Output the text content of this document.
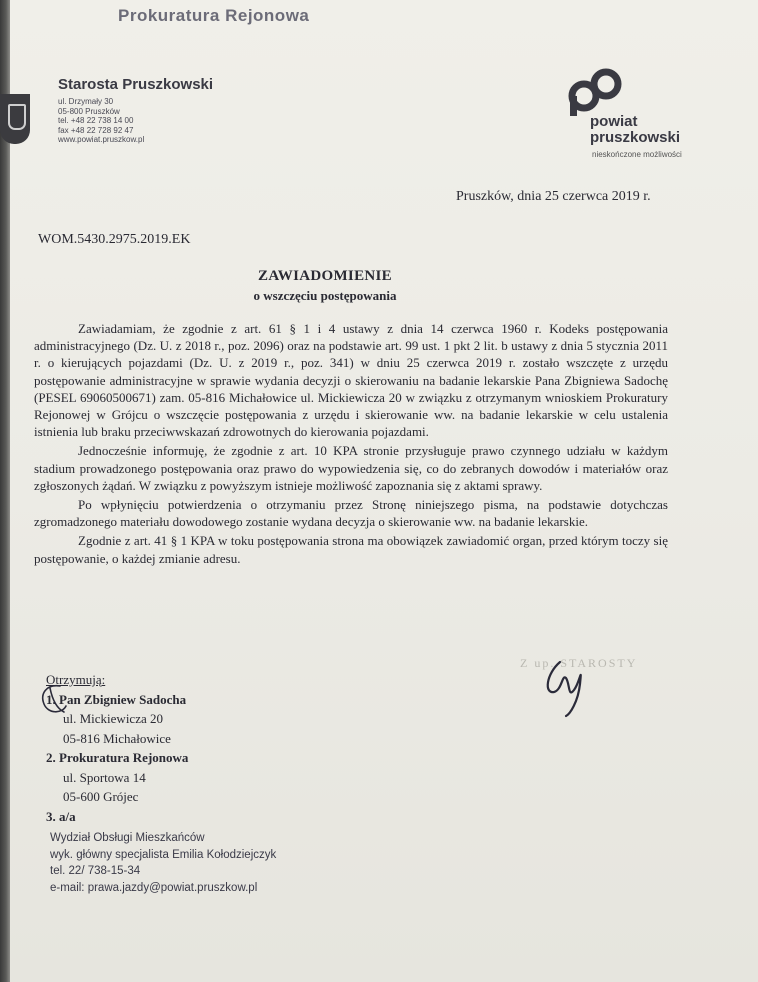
Prokuratura Rejonowa
Starosta Pruszkowski
ul. Drzymały 30
05-800 Pruszków
tel. +48 22 738 14 00
fax +48 22 728 92 47
www.powiat.pruszkow.pl
powiat
pruszkowski
nieskończone możliwości
Pruszków, dnia 25 czerwca 2019 r.
WOM.5430.2975.2019.EK
ZAWIADOMIENIE
o wszczęciu postępowania

Zawiadamiam, że zgodnie z art. 61 § 1 i 4 ustawy z dnia 14 czerwca 1960 r. Kodeks postępowania administracyjnego (Dz. U. z 2018 r., poz. 2096) oraz na podstawie art. 99 ust. 1 pkt 2 lit. b ustawy z dnia 5 stycznia 2011 r. o kierujących pojazdami (Dz. U. z 2019 r., poz. 341) w dniu 25 czerwca 2019 r. zostało wszczęte z urzędu postępowanie administracyjne w sprawie wydania decyzji o skierowaniu na badanie lekarskie Pana Zbigniewa Sadochę (PESEL 69060500671) zam. 05-816 Michałowice ul. Mickiewicza 20 w związku z otrzymanym wnioskiem Prokuratury Rejonowej w Grójcu o wszczęcie postępowania z urzędu i skierowanie ww. na badanie lekarskie w celu ustalenia istnienia lub braku przeciwwskazań zdrowotnych do kierowania pojazdami.

Jednocześnie informuję, że zgodnie z art. 10 KPA stronie przysługuje prawo czynnego udziału w każdym stadium prowadzonego postępowania oraz prawo do wypowiedzenia się, co do zebranych dowodów i materiałów oraz zgłoszonych żądań. W związku z powyższym istnieje możliwość zapoznania się z aktami sprawy.

Po wpłynięciu potwierdzenia o otrzymaniu przez Stronę niniejszego pisma, na podstawie dotychczas zgromadzonego materiału dowodowego zostanie wydana decyzja o skierowanie ww. na badanie lekarskie.

Zgodnie z art. 41 § 1 KPA w toku postępowania strona ma obowiązek zawiadomić organ, przed którym toczy się postępowanie, o każdej zmianie adresu.

Z up. STAROSTY
Otrzymują:
1. Pan Zbigniew Sadocha
ul. Mickiewicza 20
05-816 Michałowice
2. Prokuratura Rejonowa
ul. Sportowa 14
05-600 Grójec
3. a/a
Wydział Obsługi Mieszkańców
wyk. główny specjalista Emilia Kołodziejczyk
tel. 22/ 738-15-34
e-mail: prawa.jazdy@powiat.pruszkow.pl
